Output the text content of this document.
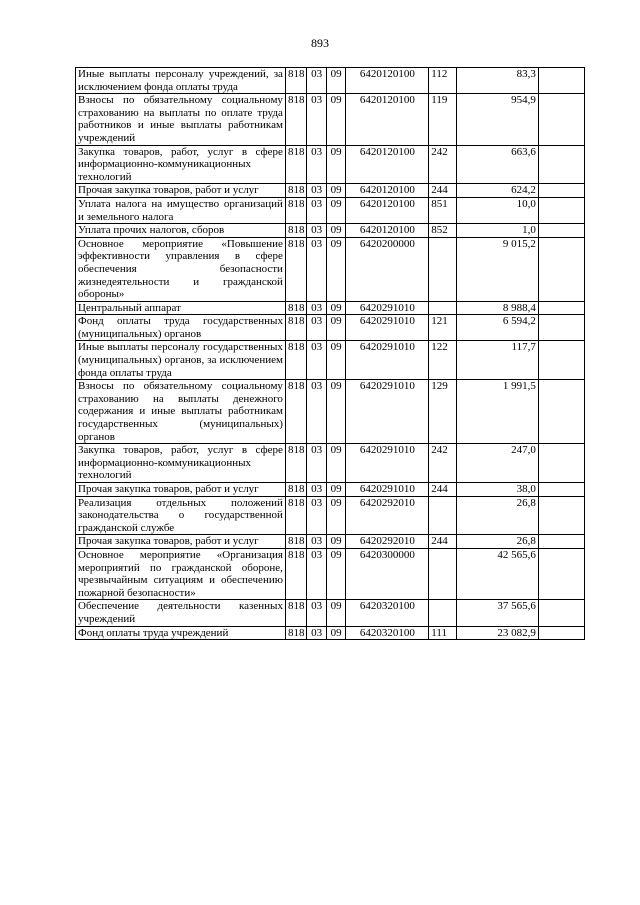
893
Иные выплаты персоналу учреждений, за исключением фонда оплаты труда	818	03	09	6420120100	112	83,3	
Взносы по обязательному социальному страхованию на выплаты по оплате труда работников и иные выплаты работникам учреждений	818	03	09	6420120100	119	954,9	
Закупка товаров, работ, услуг в сфере информационно-коммуникационных технологий	818	03	09	6420120100	242	663,6	
Прочая закупка товаров, работ и услуг	818	03	09	6420120100	244	624,2	
Уплата налога на имущество организаций и земельного налога	818	03	09	6420120100	851	10,0	
Уплата прочих налогов, сборов	818	03	09	6420120100	852	1,0	
Основное мероприятие «Повышение эффективности управления в сфере обеспечения безопасности жизнедеятельности и гражданской обороны»	818	03	09	6420200000		9 015,2	
Центральный аппарат	818	03	09	6420291010		8 988,4	
Фонд оплаты труда государственных (муниципальных) органов	818	03	09	6420291010	121	6 594,2	
Иные выплаты персоналу государственных (муниципальных) органов, за исключением фонда оплаты труда	818	03	09	6420291010	122	117,7	
Взносы по обязательному социальному страхованию на выплаты денежного содержания и иные выплаты работникам государственных (муниципальных) органов	818	03	09	6420291010	129	1 991,5	
Закупка товаров, работ, услуг в сфере информационно-коммуникационных технологий	818	03	09	6420291010	242	247,0	
Прочая закупка товаров, работ и услуг	818	03	09	6420291010	244	38,0	
Реализация отдельных положений законодательства о государственной гражданской службе	818	03	09	6420292010		26,8	
Прочая закупка товаров, работ и услуг	818	03	09	6420292010	244	26,8	
Основное мероприятие «Организация мероприятий по гражданской обороне, чрезвычайным ситуациям и обеспечению пожарной безопасности»	818	03	09	6420300000		42 565,6	
Обеспечение деятельности казенных учреждений	818	03	09	6420320100		37 565,6	
Фонд оплаты труда учреждений	818	03	09	6420320100	111	23 082,9	
